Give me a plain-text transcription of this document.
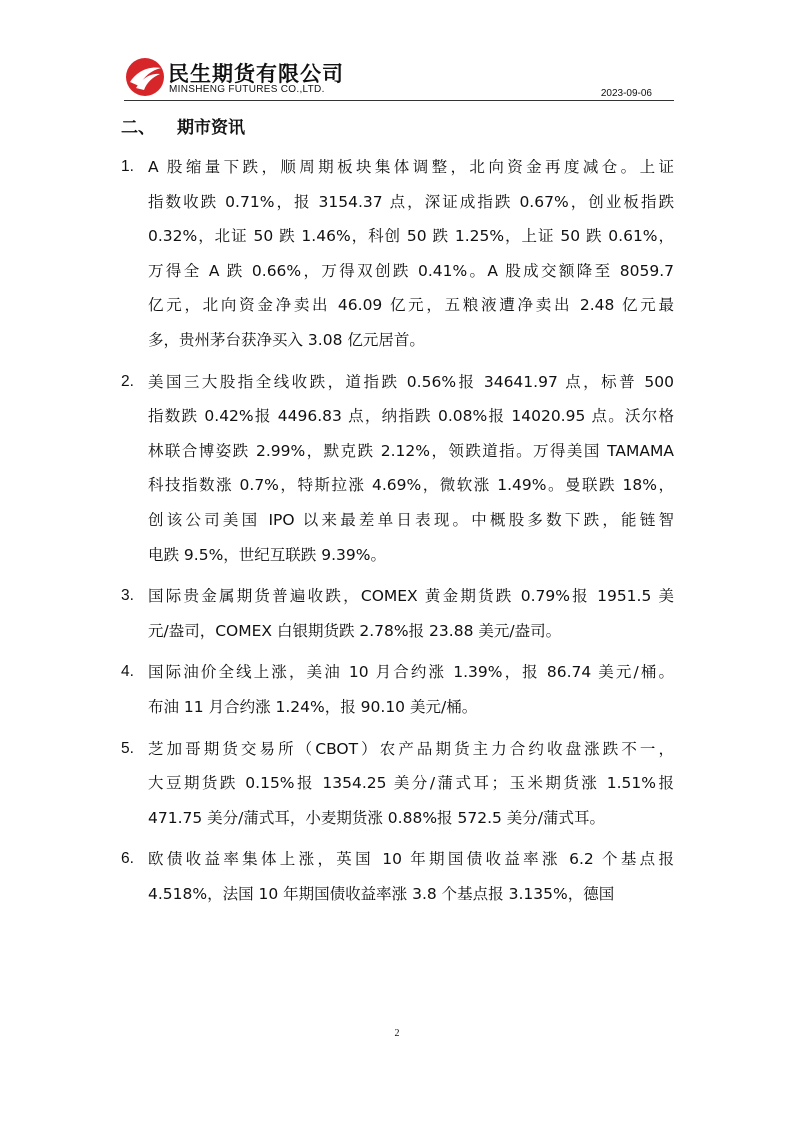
民生期货有限公司
MINSHENG FUTURES CO.,LTD.	2023-09-06
二、 期市资讯
1. A 股缩量下跌，顺周期板块集体调整，北向资金再度减仓。上证
指数收跌 0.71%，报 3154.37 点，深证成指跌 0.67%，创业板指跌
0.32%，北证 50 跌 1.46%，科创 50 跌 1.25%，上证 50 跌 0.61%，
万得全 A 跌 0.66%，万得双创跌 0.41%。A 股成交额降至 8059.7
亿元，北向资金净卖出 46.09 亿元，五粮液遭净卖出 2.48 亿元最
多，贵州茅台获净买入 3.08 亿元居首。
2. 美国三大股指全线收跌，道指跌 0.56%报 34641.97 点，标普 500
指数跌 0.42%报 4496.83 点，纳指跌 0.08%报 14020.95 点。沃尔格
林联合博姿跌 2.99%，默克跌 2.12%，领跌道指。万得美国 TAMAMA
科技指数涨 0.7%，特斯拉涨 4.69%，微软涨 1.49%。曼联跌 18%，
创该公司美国 IPO 以来最差单日表现。中概股多数下跌，能链智
电跌 9.5%，世纪互联跌 9.39%。
3. 国际贵金属期货普遍收跌，COMEX 黄金期货跌 0.79%报 1951.5 美
元/盎司，COMEX 白银期货跌 2.78%报 23.88 美元/盎司。
4. 国际油价全线上涨，美油 10 月合约涨 1.39%，报 86.74 美元/桶。
布油 11 月合约涨 1.24%，报 90.10 美元/桶。
5. 芝加哥期货交易所（CBOT）农产品期货主力合约收盘涨跌不一，
大豆期货跌 0.15%报 1354.25 美分/蒲式耳；玉米期货涨 1.51%报
471.75 美分/蒲式耳，小麦期货涨 0.88%报 572.5 美分/蒲式耳。
6. 欧债收益率集体上涨，英国 10 年期国债收益率涨 6.2 个基点报
4.518%，法国 10 年期国债收益率涨 3.8 个基点报 3.135%，德国
2
